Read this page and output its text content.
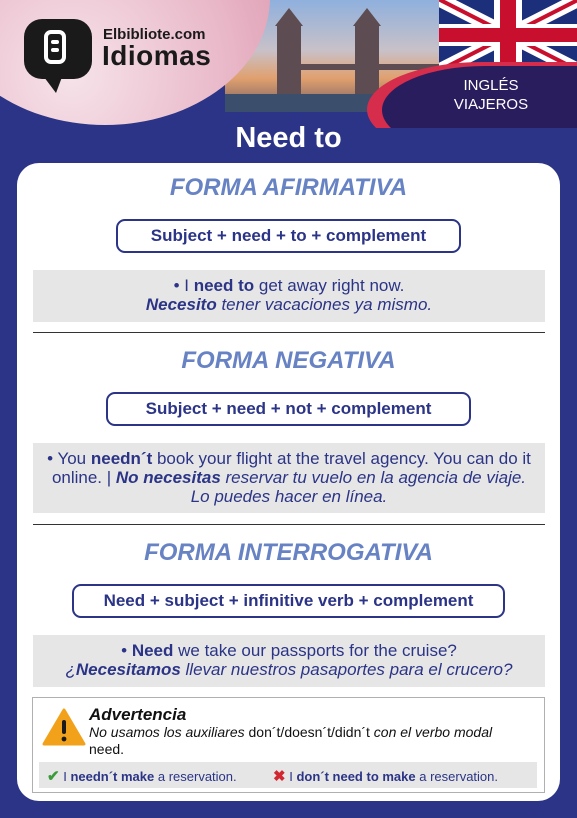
INGLÉS
VIAJEROS
Elbibliote.com
Idiomas
Need to
FORMA AFIRMATIVA
Subject + need + to + complement
• I need to get away right now.
Necesito tener vacaciones ya mismo.
FORMA NEGATIVA
Subject + need + not + complement
• You needn´t book your flight at the travel agency. You can do it online. | No necesitas reservar tu vuelo en la agencia de viaje. Lo puedes hacer en línea.
FORMA INTERROGATIVA
Need + subject + infinitive verb + complement
• Need we take our passports for the cruise?
¿Necesitamos llevar nuestros pasaportes para el crucero?
Advertencia
No usamos los auxiliares don´t/doesn´t/didn´t con el verbo modal need.
✔ I needn´t make a reservation. ✖ I don´t need to make a reservation.
